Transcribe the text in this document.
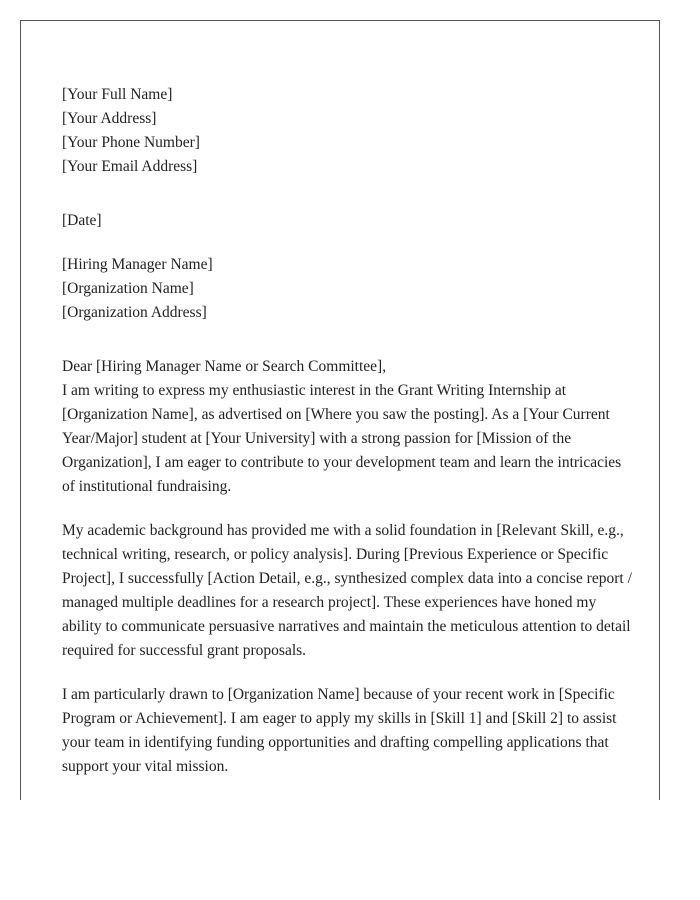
[Your Full Name]
[Your Address]
[Your Phone Number]
[Your Email Address]
[Date]
[Hiring Manager Name]
[Organization Name]
[Organization Address]
Dear [Hiring Manager Name or Search Committee],

I am writing to express my enthusiastic interest in the Grant Writing Internship at [Organization Name], as advertised on [Where you saw the posting]. As a [Your Current Year/Major] student at [Your University] with a strong passion for [Mission of the Organization], I am eager to contribute to your development team and learn the intricacies of institutional fundraising.

My academic background has provided me with a solid foundation in [Relevant Skill, e.g., technical writing, research, or policy analysis]. During [Previous Experience or Specific Project], I successfully [Action Detail, e.g., synthesized complex data into a concise report / managed multiple deadlines for a research project]. These experiences have honed my ability to communicate persuasive narratives and maintain the meticulous attention to detail required for successful grant proposals.

I am particularly drawn to [Organization Name] because of your recent work in [Specific Program or Achievement]. I am eager to apply my skills in [Skill 1] and [Skill 2] to assist your team in identifying funding opportunities and drafting compelling applications that support your vital mission.
